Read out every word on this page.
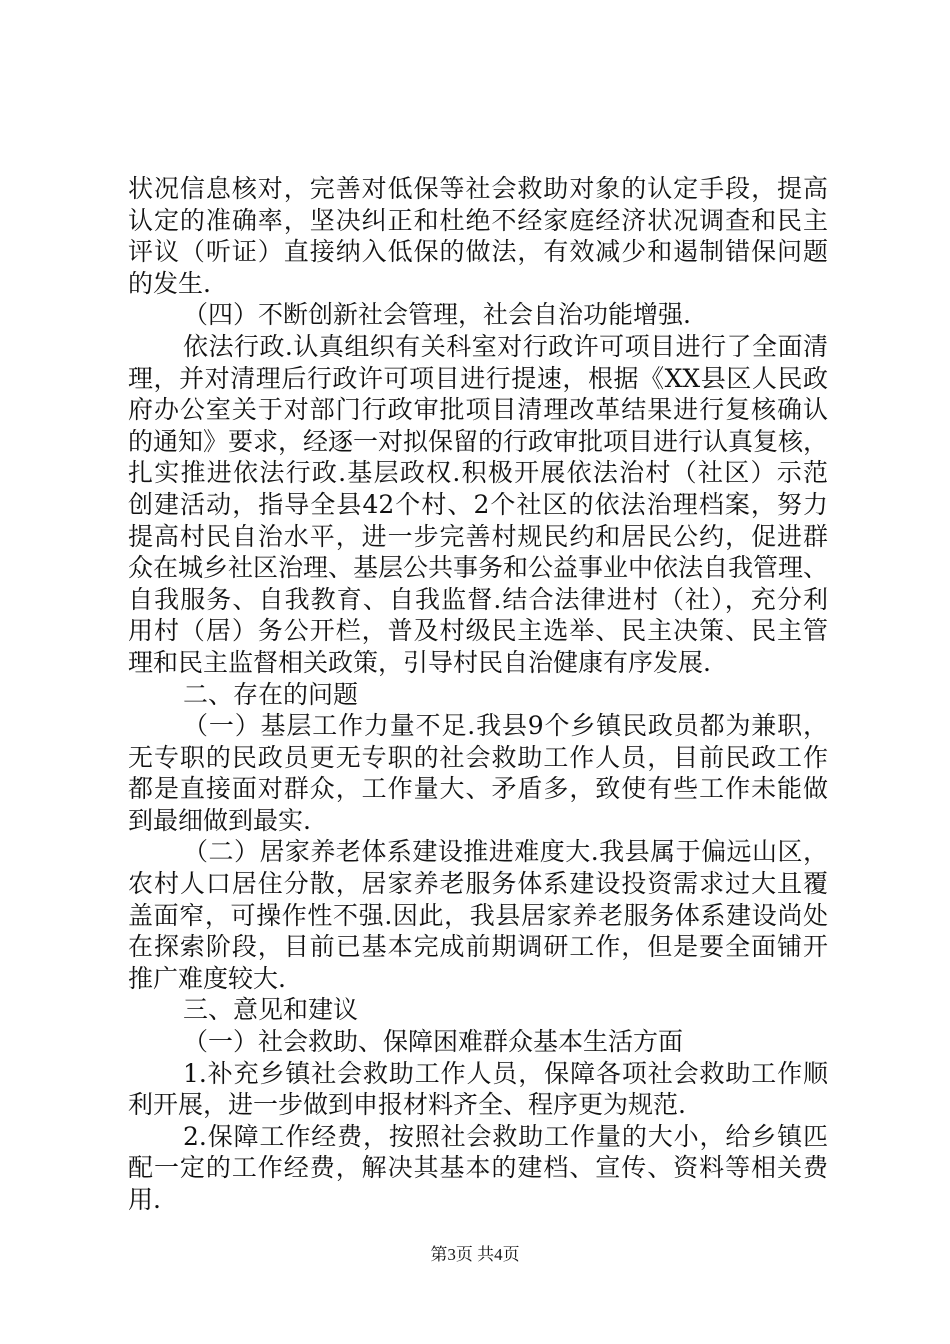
状况信息核对，完善对低保等社会救助对象的认定手段，提高
认定的准确率，坚决纠正和杜绝不经家庭经济状况调查和民主
评议（听证）直接纳入低保的做法，有效减少和遏制错保问题
的发生.
（四）不断创新社会管理，社会自治功能增强.
依法行政.认真组织有关科室对行政许可项目进行了全面清
理，并对清理后行政许可项目进行提速，根据《XX县区人民政
府办公室关于对部门行政审批项目清理改革结果进行复核确认
的通知》要求，经逐一对拟保留的行政审批项目进行认真复核，
扎实推进依法行政.基层政权.积极开展依法治村（社区）示范
创建活动，指导全县42个村、2个社区的依法治理档案，努力
提高村民自治水平，进一步完善村规民约和居民公约，促进群
众在城乡社区治理、基层公共事务和公益事业中依法自我管理、
自我服务、自我教育、自我监督.结合法律进村（社），充分利
用村（居）务公开栏，普及村级民主选举、民主决策、民主管
理和民主监督相关政策，引导村民自治健康有序发展.
二、存在的问题
（一）基层工作力量不足.我县9个乡镇民政员都为兼职，
无专职的民政员更无专职的社会救助工作人员，目前民政工作
都是直接面对群众，工作量大、矛盾多，致使有些工作未能做
到最细做到最实.
（二）居家养老体系建设推进难度大.我县属于偏远山区，
农村人口居住分散，居家养老服务体系建设投资需求过大且覆
盖面窄，可操作性不强.因此，我县居家养老服务体系建设尚处
在探索阶段，目前已基本完成前期调研工作，但是要全面铺开
推广难度较大.
三、意见和建议
（一）社会救助、保障困难群众基本生活方面
1.补充乡镇社会救助工作人员，保障各项社会救助工作顺
利开展，进一步做到申报材料齐全、程序更为规范.
2.保障工作经费，按照社会救助工作量的大小，给乡镇匹
配一定的工作经费，解决其基本的建档、宣传、资料等相关费
用.
第3页 共4页
